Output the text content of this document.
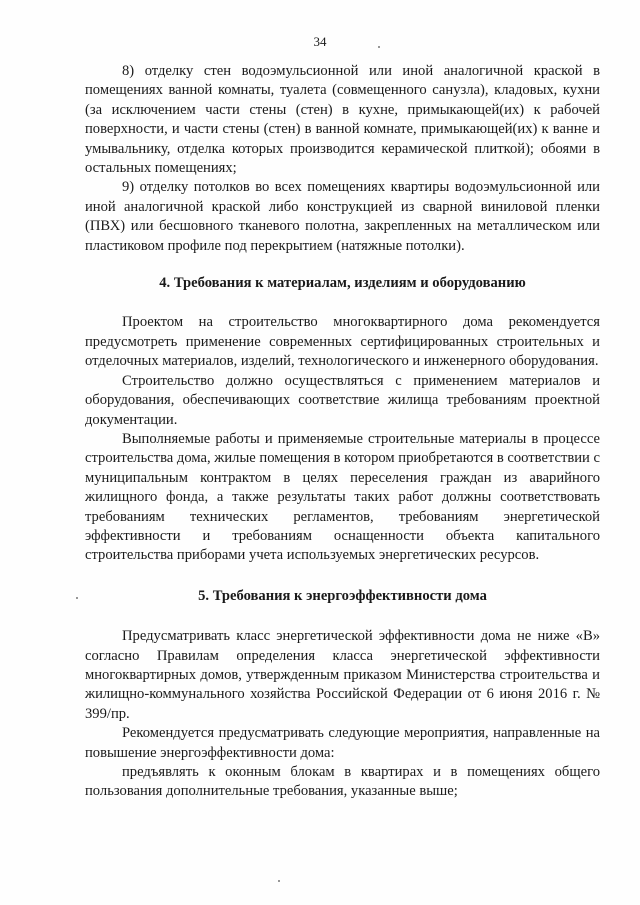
34

8) отделку стен водоэмульсионной или иной аналогичной краской в помещениях ванной комнаты, туалета (совмещенного санузла), кладовых, кухни (за исключением части стены (стен) в кухне, примыкающей(их) к рабочей поверхности, и части стены (стен) в ванной комнате, примыкающей(их) к ванне и умывальнику, отделка которых производится керамической плиткой); обоями в остальных помещениях;

9) отделку потолков во всех помещениях квартиры водоэмульсионной или иной аналогичной краской либо конструкцией из сварной виниловой пленки (ПВХ) или бесшовного тканевого полотна, закрепленных на металлическом или пластиковом профиле под перекрытием (натяжные потолки).

4. Требования к материалам, изделиям и оборудованию

Проектом на строительство многоквартирного дома рекомендуется предусмотреть применение современных сертифицированных строительных и отделочных материалов, изделий, технологического и инженерного оборудования.

Строительство должно осуществляться с применением материалов и оборудования, обеспечивающих соответствие жилища требованиям проектной документации.

Выполняемые работы и применяемые строительные материалы в процессе строительства дома, жилые помещения в котором приобретаются в соответствии с муниципальным контрактом в целях переселения граждан из аварийного жилищного фонда, а также результаты таких работ должны соответствовать требованиям технических регламентов, требованиям энергетической эффективности и требованиям оснащенности объекта капитального строительства приборами учета используемых энергетических ресурсов.

5. Требования к энергоэффективности дома

Предусматривать класс энергетической эффективности дома не ниже «В» согласно Правилам определения класса энергетической эффективности многоквартирных домов, утвержденным приказом Министерства строительства и жилищно-коммунального хозяйства Российской Федерации от 6 июня 2016 г. № 399/пр.

Рекомендуется предусматривать следующие мероприятия, направленные на повышение энергоэффективности дома:

предъявлять к оконным блокам в квартирах и в помещениях общего пользования дополнительные требования, указанные выше;
